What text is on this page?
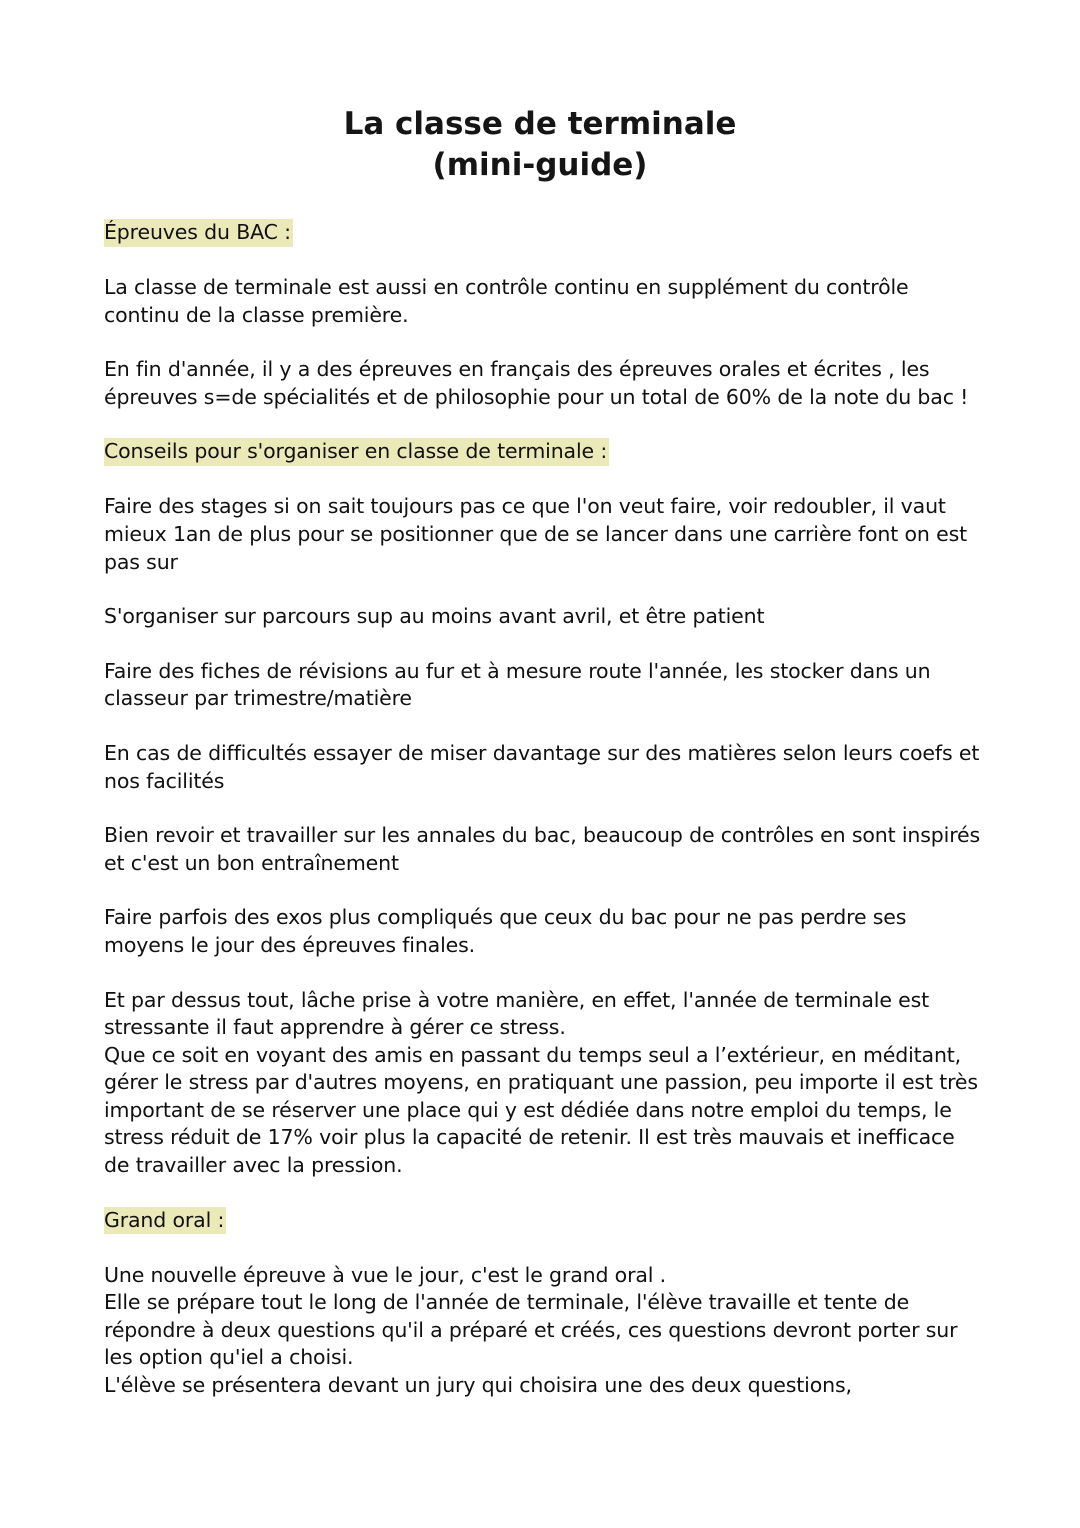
La classe de terminale
(mini-guide)
Épreuves du BAC :

La classe de terminale est aussi en contrôle continu en supplément du contrôle continu de la classe première.

En fin d'année, il y a des épreuves en français des épreuves orales et écrites , les épreuves s=de spécialités et de philosophie pour un total de 60% de la note du bac !

Conseils pour s'organiser en classe de terminale :

Faire des stages si on sait toujours pas ce que l'on veut faire, voir redoubler, il vaut mieux 1an de plus pour se positionner que de se lancer dans une carrière font on est pas sur

S'organiser sur parcours sup au moins avant avril, et être patient

Faire des fiches de révisions au fur et à mesure route l'année, les stocker dans un classeur par trimestre/matière

En cas de difficultés essayer de miser davantage sur des matières selon leurs coefs et nos facilités

Bien revoir et travailler sur les annales du bac, beaucoup de contrôles en sont inspirés et c'est un bon entraînement

Faire parfois des exos plus compliqués que ceux du bac pour ne pas perdre ses moyens le jour des épreuves finales.

Et par dessus tout, lâche prise à votre manière, en effet, l'année de terminale est stressante il faut apprendre à gérer ce stress.

Que ce soit en voyant des amis en passant du temps seul a l’extérieur, en méditant, gérer le stress par d'autres moyens, en pratiquant une passion, peu importe il est très important de se réserver une place qui y est dédiée dans notre emploi du temps, le stress réduit de 17% voir plus la capacité de retenir. Il est très mauvais et inefficace de travailler avec la pression.

Grand oral :

Une nouvelle épreuve à vue le jour, c'est le grand oral .

Elle se prépare tout le long de l'année de terminale, l'élève travaille et tente de répondre à deux questions qu'il a préparé et créés, ces questions devront porter sur les option qu'iel a choisi.

L'élève se présentera devant un jury qui choisira une des deux questions,
